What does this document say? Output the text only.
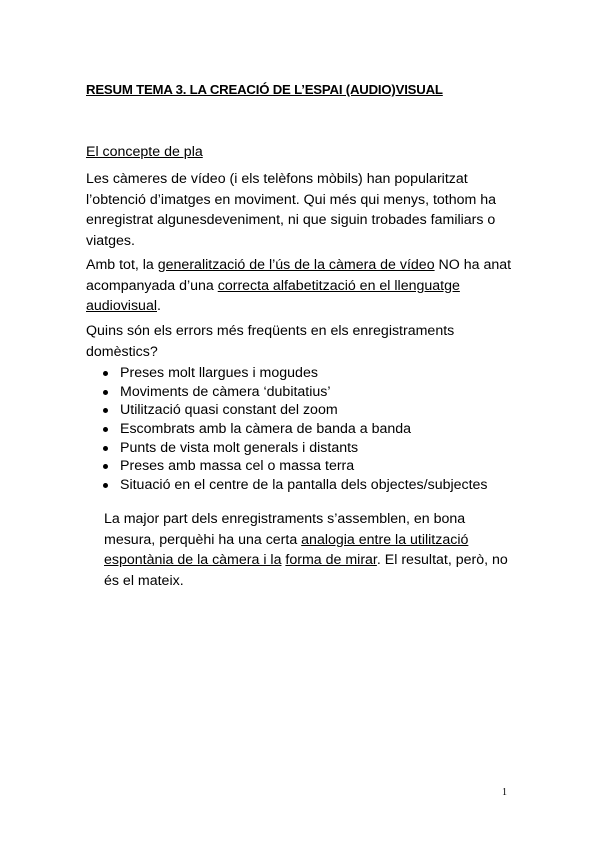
RESUM TEMA 3. LA CREACIÓ DE L’ESPAI (AUDIO)VISUAL
El concepte de pla

Les càmeres de vídeo (i els telèfons mòbils) han popularitzat l’obtenció d’imatges en moviment. Qui més qui menys, tothom ha enregistrat algunesdeveniment, ni que siguin trobades familiars o viatges.

Amb tot, la generalització de l’ús de la càmera de vídeo NO ha anat acompanyada d’una correcta alfabetització en el llenguatge audiovisual.

Quins són els errors més freqüents en els enregistraments domèstics?

Preses molt llargues i mogudes
Moviments de càmera ‘dubitatius’
Utilització quasi constant del zoom
Escombrats amb la càmera de banda a banda
Punts de vista molt generals i distants
Preses amb massa cel o massa terra
Situació en el centre de la pantalla dels objectes/subjectes

La major part dels enregistraments s’assemblen, en bona mesura, perquèhi ha una certa analogia entre la utilització espontània de la càmera i la forma de mirar. El resultat, però, no és el mateix.

1
